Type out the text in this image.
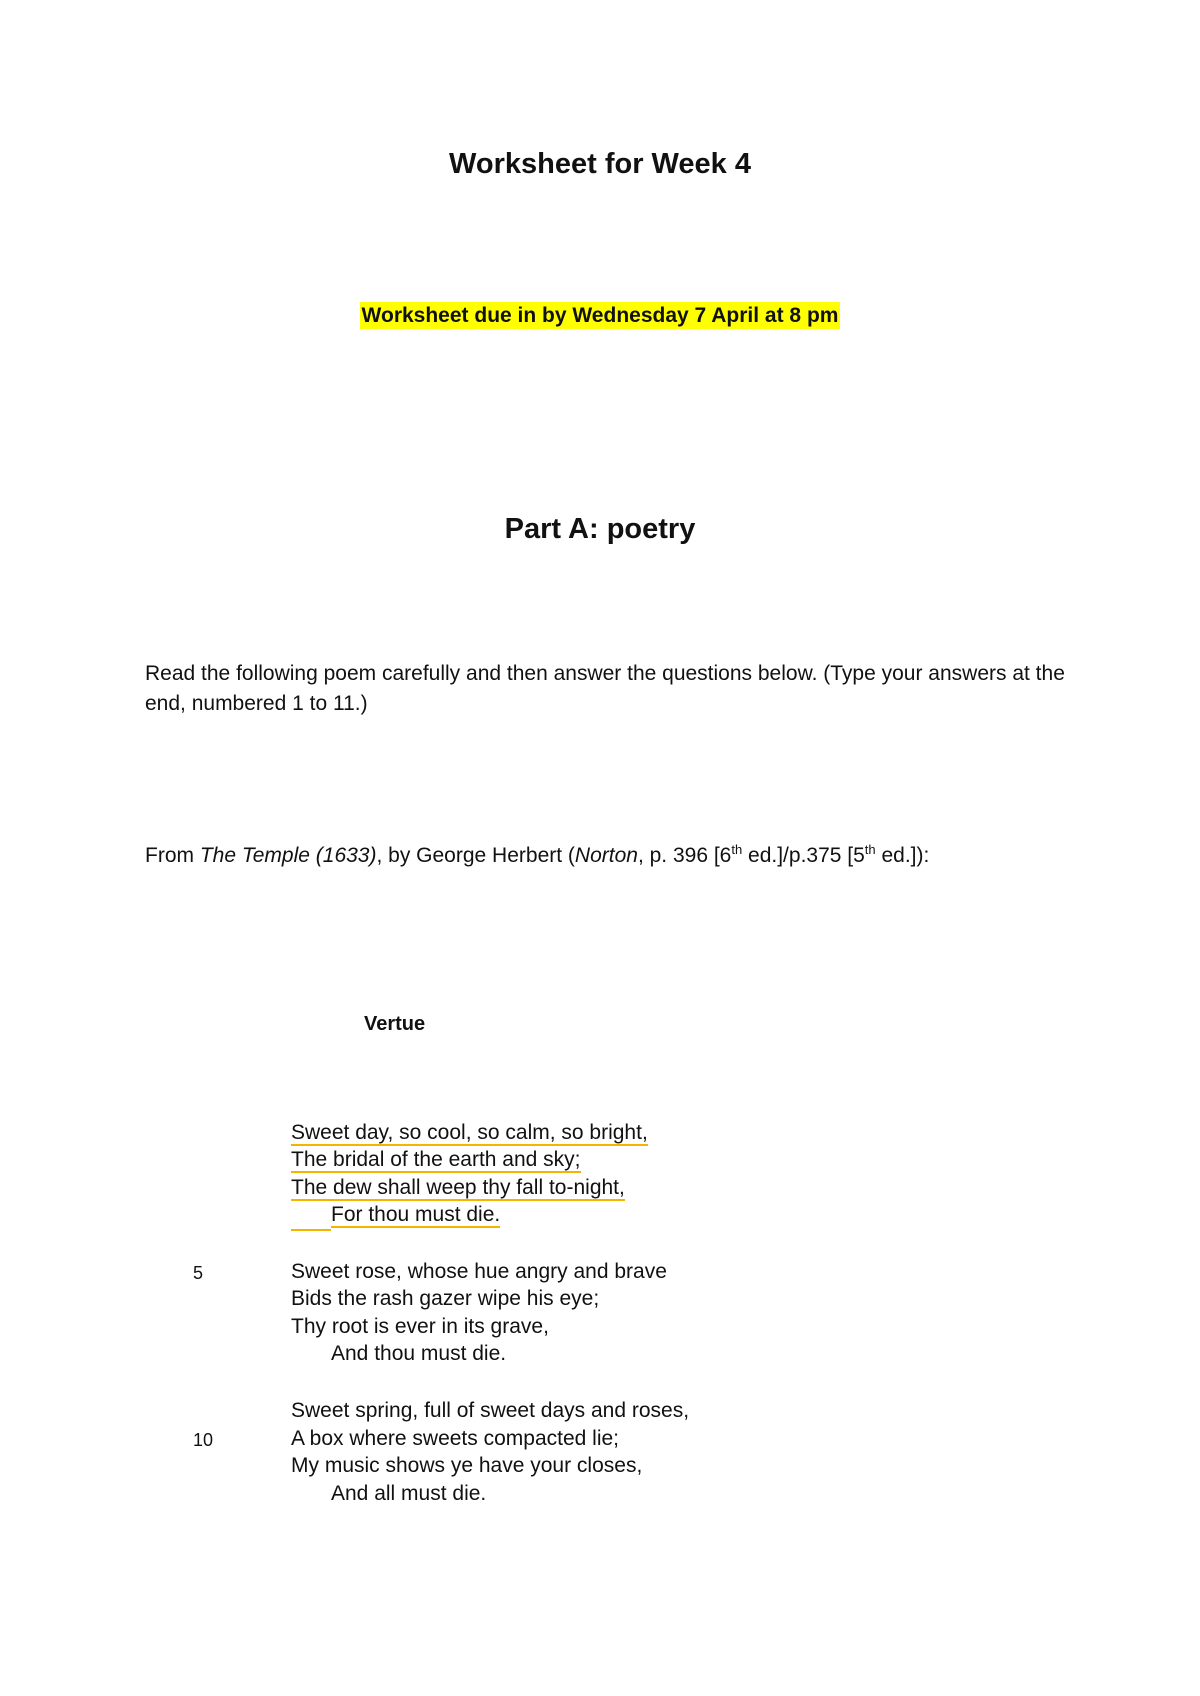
Worksheet for Week 4
Worksheet due in by Wednesday 7 April at 8 pm
Part A: poetry
Read the following poem carefully and then answer the questions below. (Type your answers at the end, numbered 1 to 11.)
From The Temple (1633), by George Herbert (Norton, p. 396 [6th ed.]/p.375 [5th ed.]):
Vertue
Sweet day, so cool, so calm, so bright,
The bridal of the earth and sky;
The dew shall weep thy fall to-night,
For thou must die.
5	Sweet rose, whose hue angry and brave
Bids the rash gazer wipe his eye;
Thy root is ever in its grave,
And thou must die.
Sweet spring, full of sweet days and roses,
10	A box where sweets compacted lie;
My music shows ye have your closes,
And all must die.
